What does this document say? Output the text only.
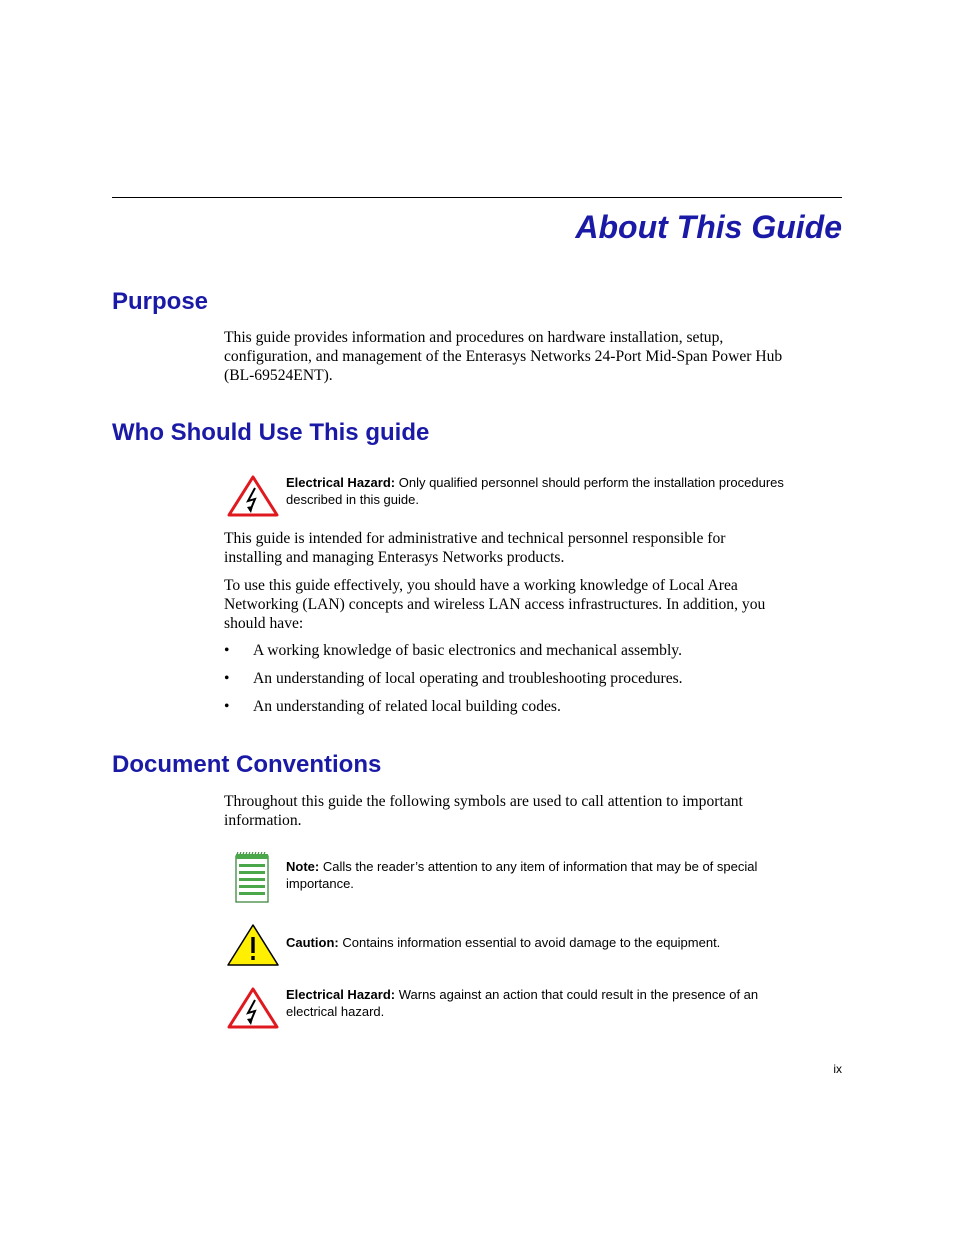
About This Guide
Purpose

This guide provides information and procedures on hardware installation, setup,
configuration, and management of the Enterasys Networks 24-Port Mid-Span Power Hub
(BL-69524ENT).

Who Should Use This guide

Electrical Hazard: Only qualified personnel should perform the installation procedures
described in this guide.

This guide is intended for administrative and technical personnel responsible for
installing and managing Enterasys Networks products.

To use this guide effectively, you should have a working knowledge of Local Area
Networking (LAN) concepts and wireless LAN access infrastructures. In addition, you
should have:

• A working knowledge of basic electronics and mechanical assembly.
• An understanding of local operating and troubleshooting procedures.
• An understanding of related local building codes.
Document Conventions

Throughout this guide the following symbols are used to call attention to important
information.

Note: Calls the reader’s attention to any item of information that may be of special
importance.

Caution: Contains information essential to avoid damage to the equipment.

Electrical Hazard: Warns against an action that could result in the presence of an
electrical hazard.

ix
